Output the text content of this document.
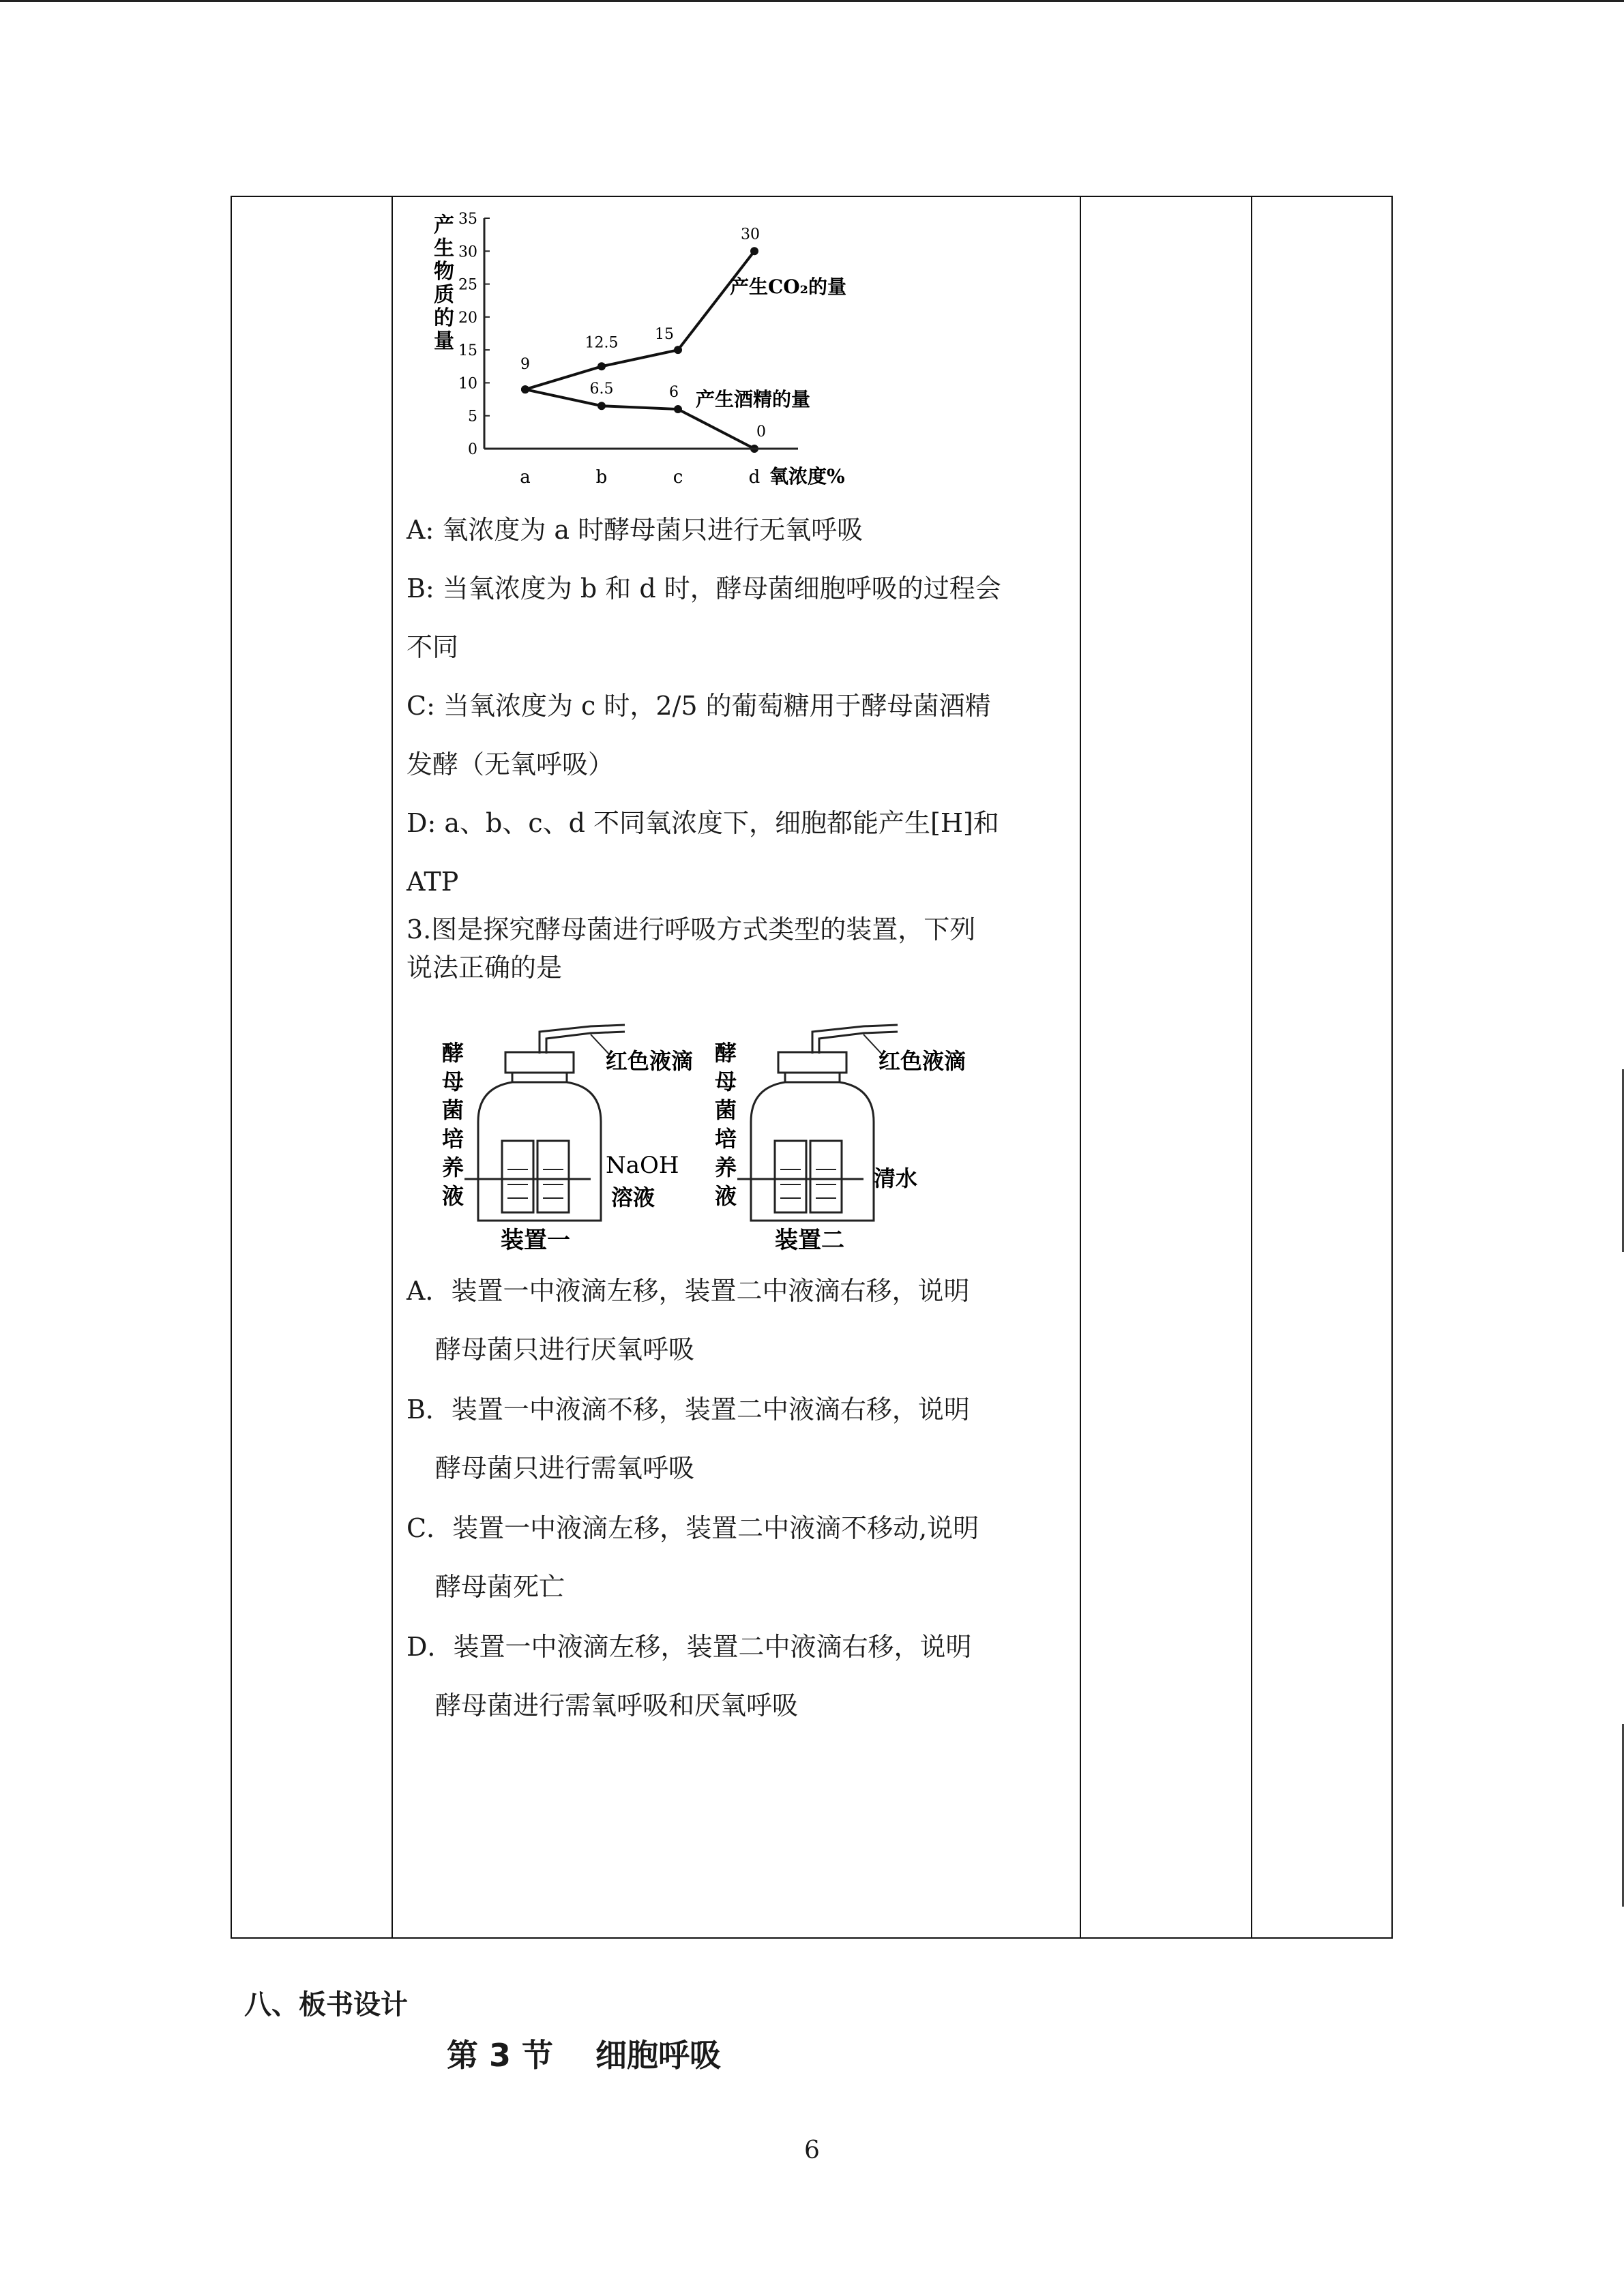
0
5
10
15
20
25
30
35
a	b	c	d
9
12.5 15
30
6.5	6
0
产生物质的量
氧浓度%
产生CO₂的量
产生酒精的量
A: 氧浓度为 a 时酵母菌只进行无氧呼吸
B: 当氧浓度为 b 和 d 时，酵母菌细胞呼吸的过程会
不同
C: 当氧浓度为 c 时，2/5 的葡萄糖用于酵母菌酒精
发酵（无氧呼吸）
D: a、b、c、d 不同氧浓度下，细胞都能产生[H]和
ATP
3.图是探究酵母菌进行呼吸方式类型的装置，下列
说法正确的是
酵
母
菌
培
养
液
酵
母
菌
培
养
液
红色液滴	红色液滴
NaOH
溶液
清水
装置一	装置二
A．装置一中液滴左移，装置二中液滴右移，说明
酵母菌只进行厌氧呼吸
B．装置一中液滴不移，装置二中液滴右移，说明
酵母菌只进行需氧呼吸
C．装置一中液滴左移，装置二中液滴不移动,说明
酵母菌死亡
D．装置一中液滴左移，装置二中液滴右移，说明
酵母菌进行需氧呼吸和厌氧呼吸
八、板书设计
第 3 节　 细胞呼吸
6
